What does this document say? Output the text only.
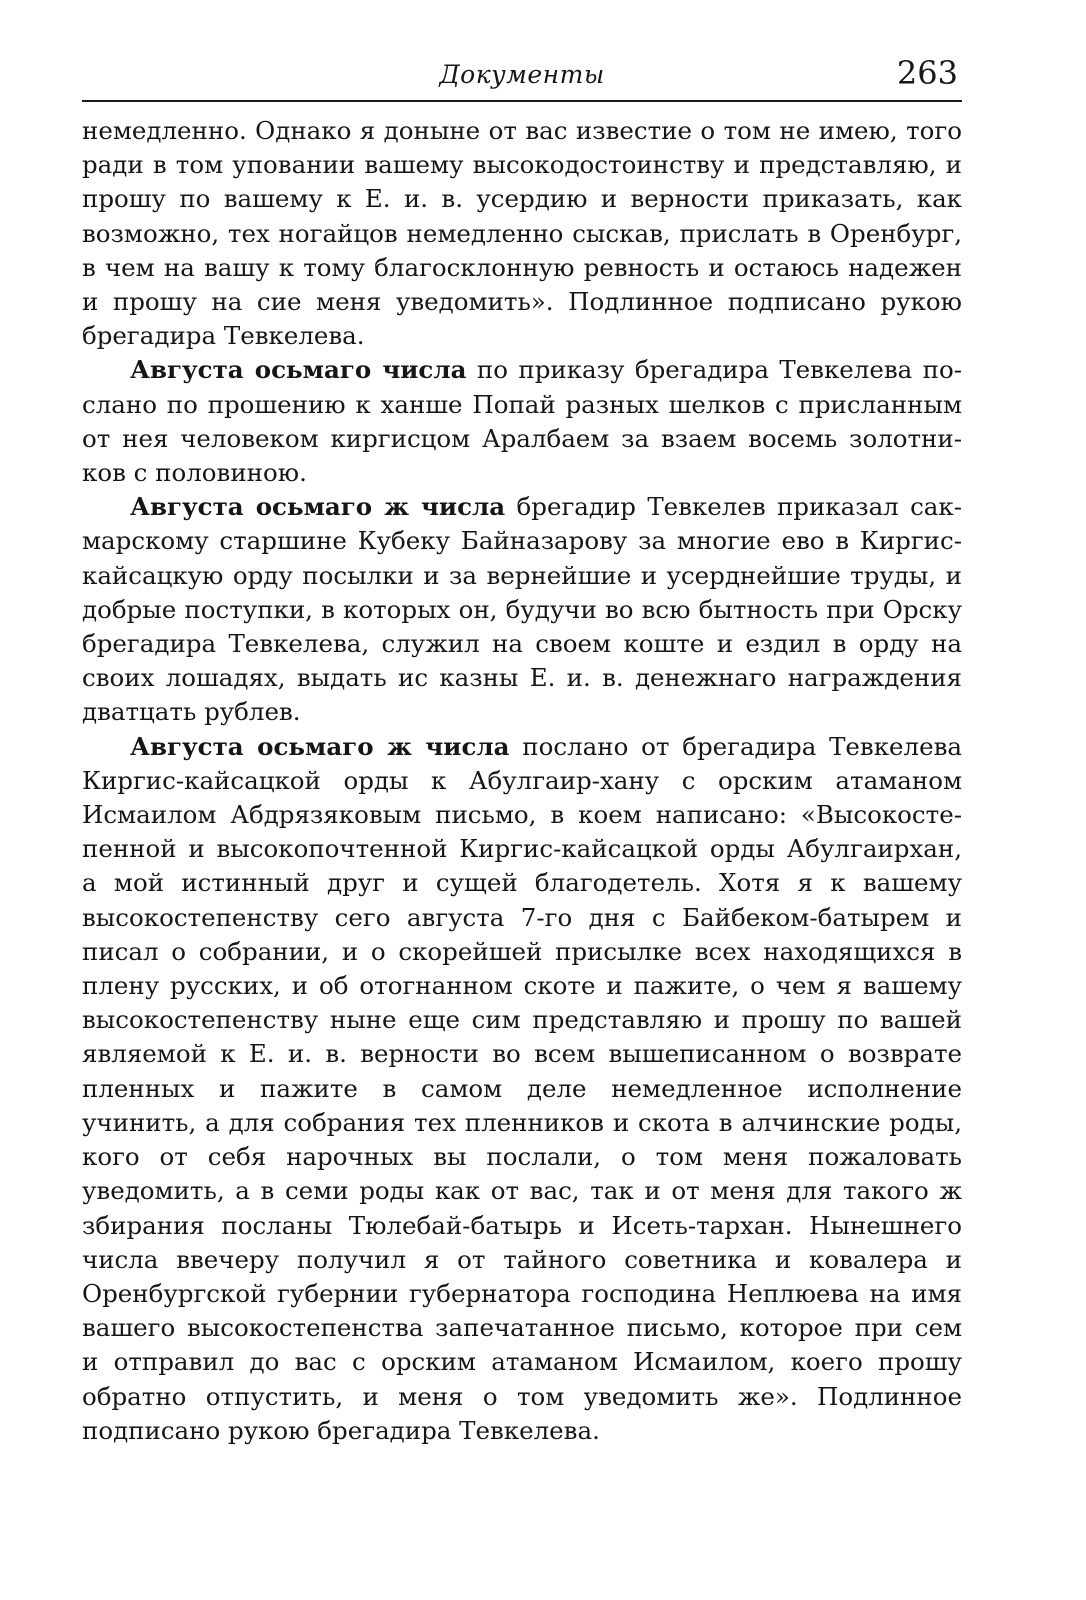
Документы	263

немедленно. Однако я доныне от вас известие о том не имею, того ради в том уповании вашему высокодостоинству и представляю, и прошу по вашему к Е. и. в. усердию и верности приказать, как возможно, тех ногайцов немедленно сыскав, прислать в Оренбург, в чем на вашу к тому благосклонную ревность и остаюсь надежен и прошу на сие меня уведомить». Подлинное подписано рукою брегадира Тевкелева.

Августа осьмаго числа по приказу брегадира Тевкелева послано по прошению к ханше Попай разных шелков с присланным от нея человеком киргисцом Аралбаем за взаем восемь золотников с половиною.

Августа осьмаго ж числа брегадир Тевкелев приказал сакмарскому старшине Кубеку Байназарову за многие ево в Киргискайсацкую орду посылки и за вернейшие и усерднейшие труды, и добрые поступки, в которых он, будучи во всю бытность при Орску брегадира Тевкелева, служил на своем коште и ездил в орду на своих лошадях, выдать ис казны Е. и. в. денежнаго награждения дватцать рублев.

Августа осьмаго ж числа послано от брегадира Тевкелева Киргис-кайсацкой орды к Абулгаир-хану с орским атаманом Исмаилом Абдрязяковым письмо, в коем написано: «Высокостепенной и высокопочтенной Киргис-кайсацкой орды Абулгаирхан, а мой истинный друг и сущей благодетель. Хотя я к вашему высокостепенству сего августа 7-го дня с Байбеком-батырем и писал о собрании, и о скорейшей присылке всех находящихся в плену русских, и об отогнанном скоте и пажите, о чем я вашему высокостепенству ныне еще сим представляю и прошу по вашей являемой к Е. и. в. верности во всем вышеписанном о возврате пленных и пажите в самом деле немедленное исполнение учинить, а для собрания тех пленников и скота в алчинские роды, кого от себя нарочных вы послали, о том меня пожаловать уведомить, а в семи роды как от вас, так и от меня для такого ж збирания посланы Тюлебай-батырь и Исеть-тархан. Нынешнего числа ввечеру получил я от тайного советника и ковалера и Оренбургской губернии губернатора господина Неплюева на имя вашего высокостепенства запечатанное письмо, которое при сем и отправил до вас с орским атаманом Исмаилом, коего прошу обратно отпустить, и меня о том уведомить же». Подлинное подписано рукою брегадира Тевкелева.
